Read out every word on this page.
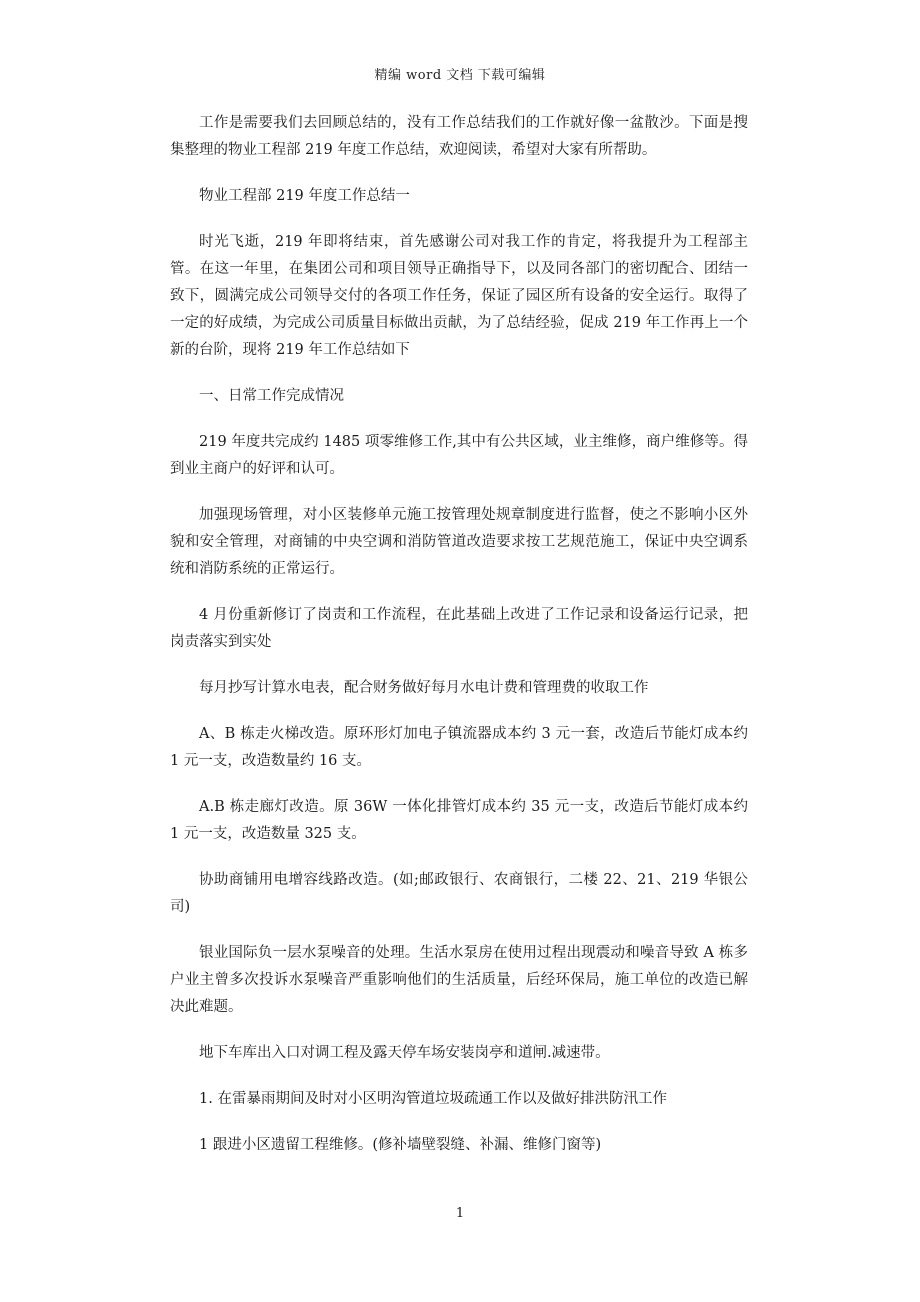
精编 word 文档 下载可编辑

工作是需要我们去回顾总结的，没有工作总结我们的工作就好像一盆散沙。下面是搜集整理的物业工程部 219 年度工作总结，欢迎阅读，希望对大家有所帮助。

物业工程部 219 年度工作总结一

时光飞逝，219 年即将结束，首先感谢公司对我工作的肯定，将我提升为工程部主管。在这一年里，在集团公司和项目领导正确指导下，以及同各部门的密切配合、团结一致下，圆满完成公司领导交付的各项工作任务，保证了园区所有设备的安全运行。取得了一定的好成绩，为完成公司质量目标做出贡献，为了总结经验，促成 219 年工作再上一个新的台阶，现将 219 年工作总结如下

一、日常工作完成情况

219 年度共完成约 1485 项零维修工作,其中有公共区域，业主维修，商户维修等。得到业主商户的好评和认可。

加强现场管理，对小区装修单元施工按管理处规章制度进行监督，使之不影响小区外貌和安全管理，对商铺的中央空调和消防管道改造要求按工艺规范施工，保证中央空调系统和消防系统的正常运行。

4 月份重新修订了岗责和工作流程，在此基础上改进了工作记录和设备运行记录，把岗责落实到实处

每月抄写计算水电表，配合财务做好每月水电计费和管理费的收取工作

A、B 栋走火梯改造。原环形灯加电子镇流器成本约 3 元一套，改造后节能灯成本约 1 元一支，改造数量约 16 支。

A.B 栋走廊灯改造。原 36W 一体化排管灯成本约 35 元一支，改造后节能灯成本约 1 元一支，改造数量 325 支。

协助商铺用电增容线路改造。(如;邮政银行、农商银行，二楼 22、21、219 华银公司)

银业国际负一层水泵噪音的处理。生活水泵房在使用过程出现震动和噪音导致 A 栋多户业主曾多次投诉水泵噪音严重影响他们的生活质量，后经环保局，施工单位的改造已解决此难题。

地下车库出入口对调工程及露天停车场安装岗亭和道闸.减速带。

1. 在雷暴雨期间及时对小区明沟管道垃圾疏通工作以及做好排洪防汛工作

1 跟进小区遗留工程维修。(修补墙壁裂缝、补漏、维修门窗等)

1
